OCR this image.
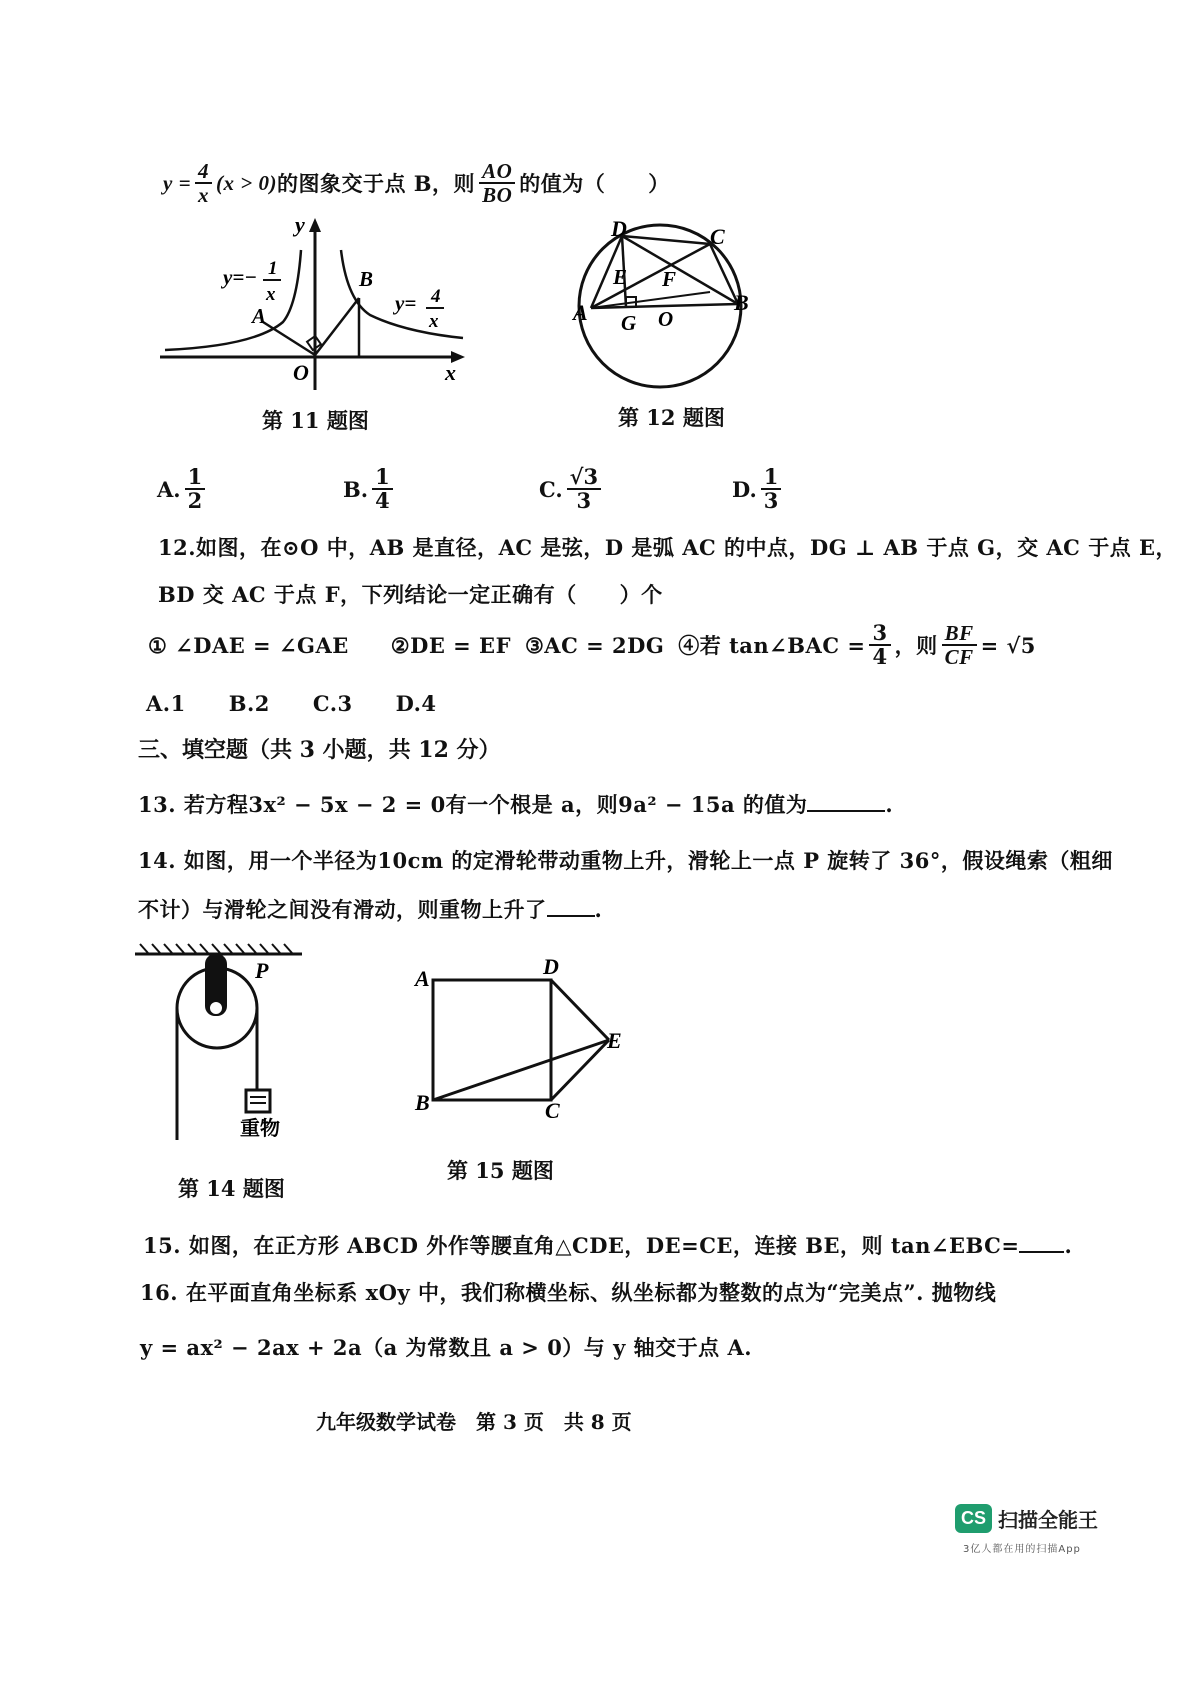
$y = \frac{4}{x} (x > 0)$ 的图象交于点 B，则 $\frac{AO}{BO}$ 的值为（　　）
y
x
O
A
B
y=− 1
x	y= 4
x
第 11 题图
D	C
E F
A	B
G O
第 12 题图
A. $\frac{1}{2}$	B. $\frac{1}{4}$	C. $\frac{√3}{3}$	D. $\frac{1}{3}$
12.如图，在⊙O 中，AB 是直径，AC 是弦，D 是弧 AC 的中点，DG ⊥ AB 于点 G，交 AC 于点 E，
BD 交 AC 于点 F，下列结论一定正确有（　　）个
① ∠DAE = ∠GAE ②DE = EF ③AC = 2DG ④若 tan∠BAC = $\frac{3}{4}$ ，则 $\frac{BF}{CF} = √5$
A.1　　B.2　　C.3　　D.4
三、填空题（共 3 小题，共 12 分）
13. 若方程3x² − 5x − 2 = 0有一个根是 a，则9a² − 15a 的值为	.
14. 如图，用一个半径为10cm 的定滑轮带动重物上升，滑轮上一点 P 旋转了 36°，假设绳索（粗细
不计）与滑轮之间没有滑动，则重物上升了 .
P
重物
第 14 题图
A	D
E
B	C
第 15 题图
15. 如图，在正方形 ABCD 外作等腰直角△CDE，DE=CE，连接 BE，则 tan∠EBC= .
16. 在平面直角坐标系 xOy 中，我们称横坐标、纵坐标都为整数的点为“完美点”. 抛物线
y = ax² − 2ax + 2a（a 为常数且 a > 0）与 y 轴交于点 A.
九年级数学试卷　第 3 页　共 8 页
CS 扫描全能王
3亿人都在用的扫描App
